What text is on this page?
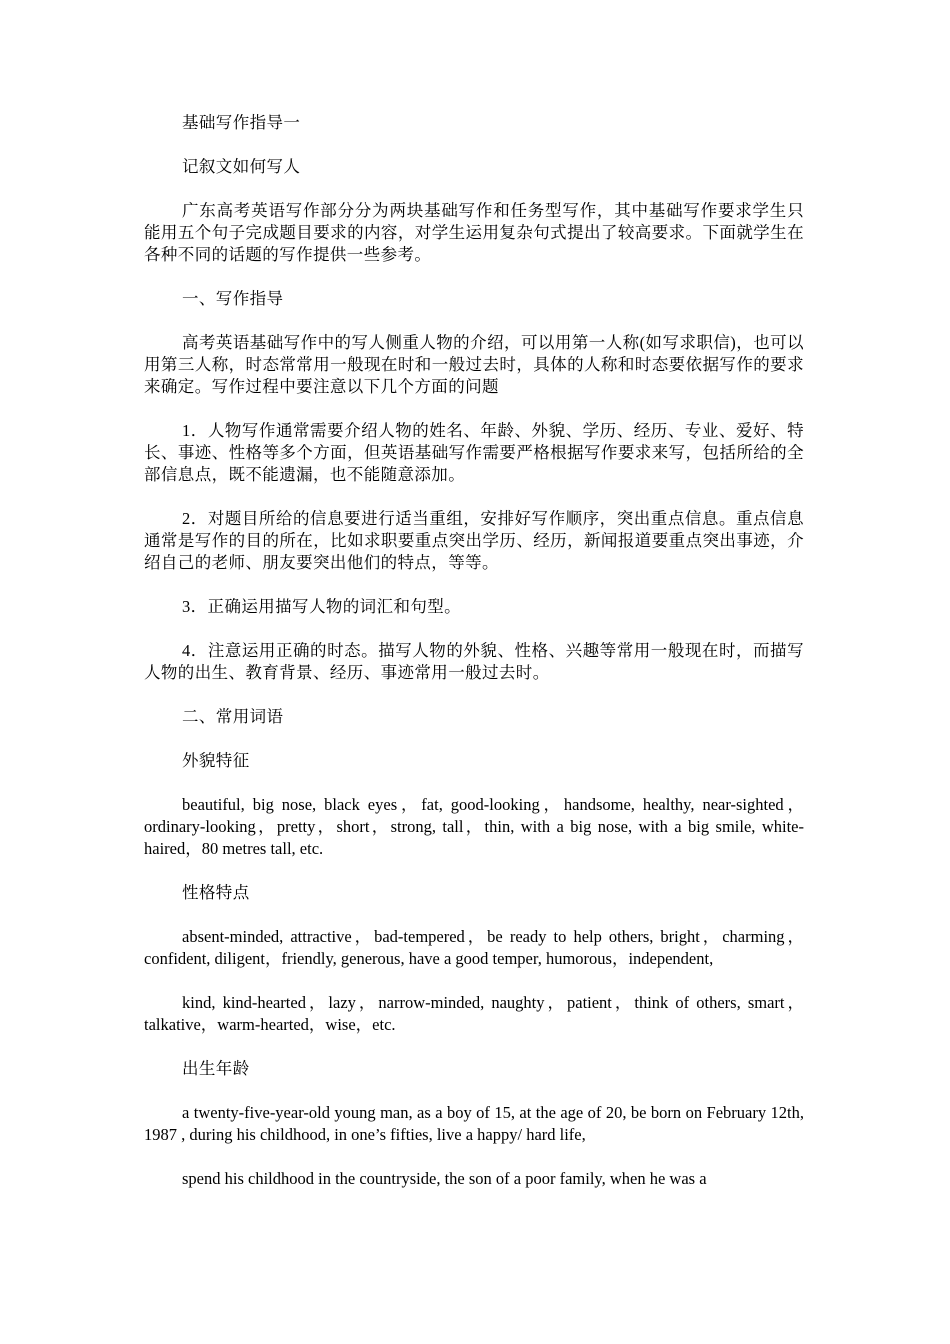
基础写作指导一

记叙文如何写人

广东高考英语写作部分分为两块基础写作和任务型写作，其中基础写作要求学生只能用五个句子完成题目要求的内容，对学生运用复杂句式提出了较高要求。下面就学生在各种不同的话题的写作提供一些参考。

一、写作指导

高考英语基础写作中的写人侧重人物的介绍，可以用第一人称(如写求职信)，也可以用第三人称，时态常常用一般现在时和一般过去时，具体的人称和时态要依据写作的要求来确定。写作过程中要注意以下几个方面的问题

1．人物写作通常需要介绍人物的姓名、年龄、外貌、学历、经历、专业、爱好、特长、事迹、性格等多个方面，但英语基础写作需要严格根据写作要求来写，包括所给的全部信息点，既不能遗漏，也不能随意添加。

2．对题目所给的信息要进行适当重组，安排好写作顺序，突出重点信息。重点信息通常是写作的目的所在，比如求职要重点突出学历、经历，新闻报道要重点突出事迹，介绍自己的老师、朋友要突出他们的特点，等等。

3．正确运用描写人物的词汇和句型。

4．注意运用正确的时态。描写人物的外貌、性格、兴趣等常用一般现在时，而描写人物的出生、教育背景、经历、事迹常用一般过去时。

二、常用词语

外貌特征

beautiful, big nose, black eyes，fat, good-looking，handsome, healthy, near-sighted，ordinary-looking，pretty，short，strong, tall，thin, with a big nose, with a big smile, white-haired，80 metres tall, etc.

性格特点

absent-minded, attractive，bad-tempered，be ready to help others, bright，charming，confident, diligent，friendly, generous, have a good temper, humorous，independent,

kind, kind-hearted，lazy，narrow-minded, naughty，patient，think of others, smart，talkative，warm-hearted，wise，etc.

出生年龄

a twenty-five-year-old young man, as a boy of 15, at the age of 20, be born on February 12th, 1987 , during his childhood, in one’s fifties, live a happy/ hard life,

spend his childhood in the countryside, the son of a poor family, when he was a
